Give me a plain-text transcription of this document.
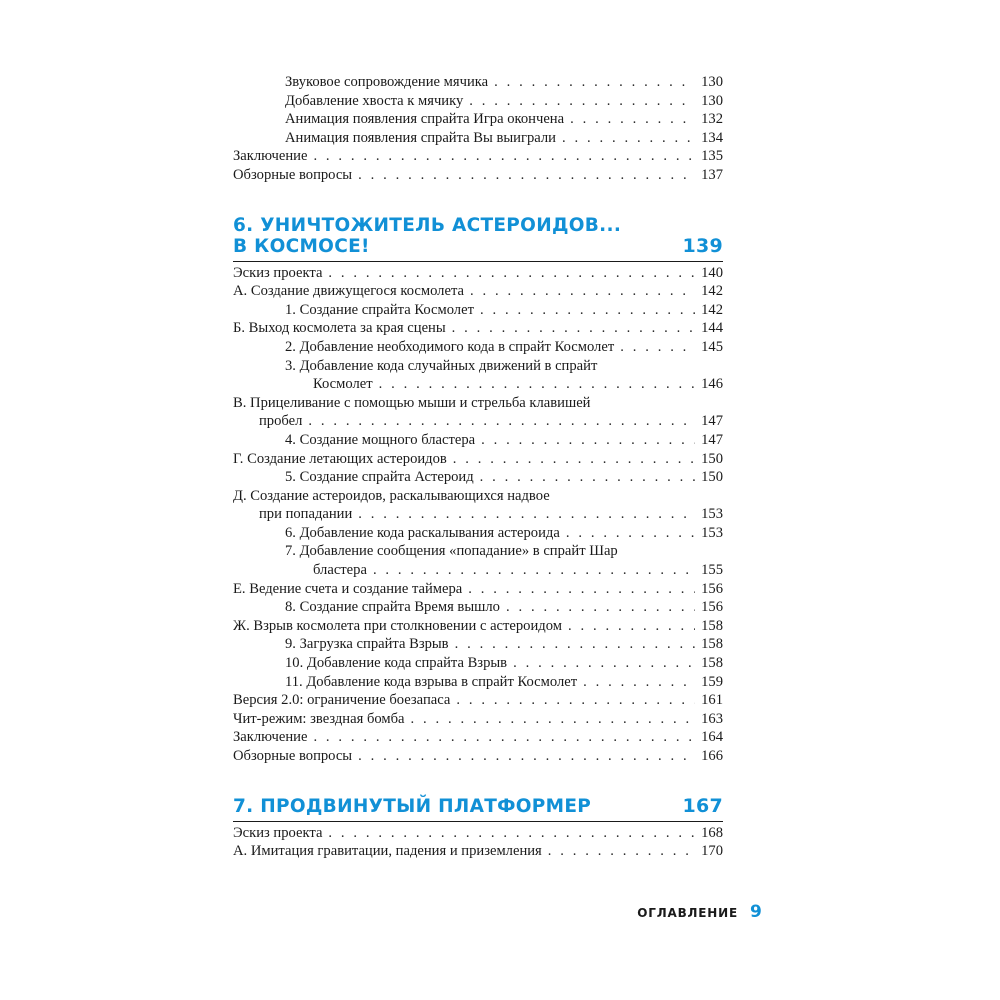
Звуковое сопровождение мячика . . .	130
Добавление хвоста к мячику . . .	130
Анимация появления спрайта Игра окончена . . .	132
Анимация появления спрайта Вы выиграли . . .	134
Заключение . . .	135
Обзорные вопросы . . .	137
6. УНИЧТОЖИТЕЛЬ АСТЕРОИДОВ...
В КОСМОСЕ!	139
Эскиз проекта . . .	140
А. Создание движущегося космолета . . .	142
1. Создание спрайта Космолет . . .	142
Б. Выход космолета за края сцены . . .	144
2. Добавление необходимого кода в спрайт Космолет . . .	145
3. Добавление кода случайных движений в спрайт
Космолет . . .	146
В. Прицеливание с помощью мыши и стрельба клавишей
пробел . . .	147
4. Создание мощного бластера . . .	147
Г. Создание летающих астероидов . . .	150
5. Создание спрайта Астероид . . .	150
Д. Создание астероидов, раскалывающихся надвое
при попадании . . .	153
6. Добавление кода раскалывания астероида . . .	153
7. Добавление сообщения «попадание» в спрайт Шар
бластера . . .	155
Е. Ведение счета и создание таймера . . .	156
8. Создание спрайта Время вышло . . .	156
Ж. Взрыв космолета при столкновении с астероидом . . .	158
9. Загрузка спрайта Взрыв . . .	158
10. Добавление кода спрайта Взрыв . . .	158
11. Добавление кода взрыва в спрайт Космолет . . .	159
Версия 2.0: ограничение боезапаса . . .	161
Чит-режим: звездная бомба . . .	163
Заключение . . .	164
Обзорные вопросы . . .	166
7. ПРОДВИНУТЫЙ ПЛАТФОРМЕР	167
Эскиз проекта . . .	168
А. Имитация гравитации, падения и приземления . . .	170
ОГЛАВЛЕНИЕ 9
